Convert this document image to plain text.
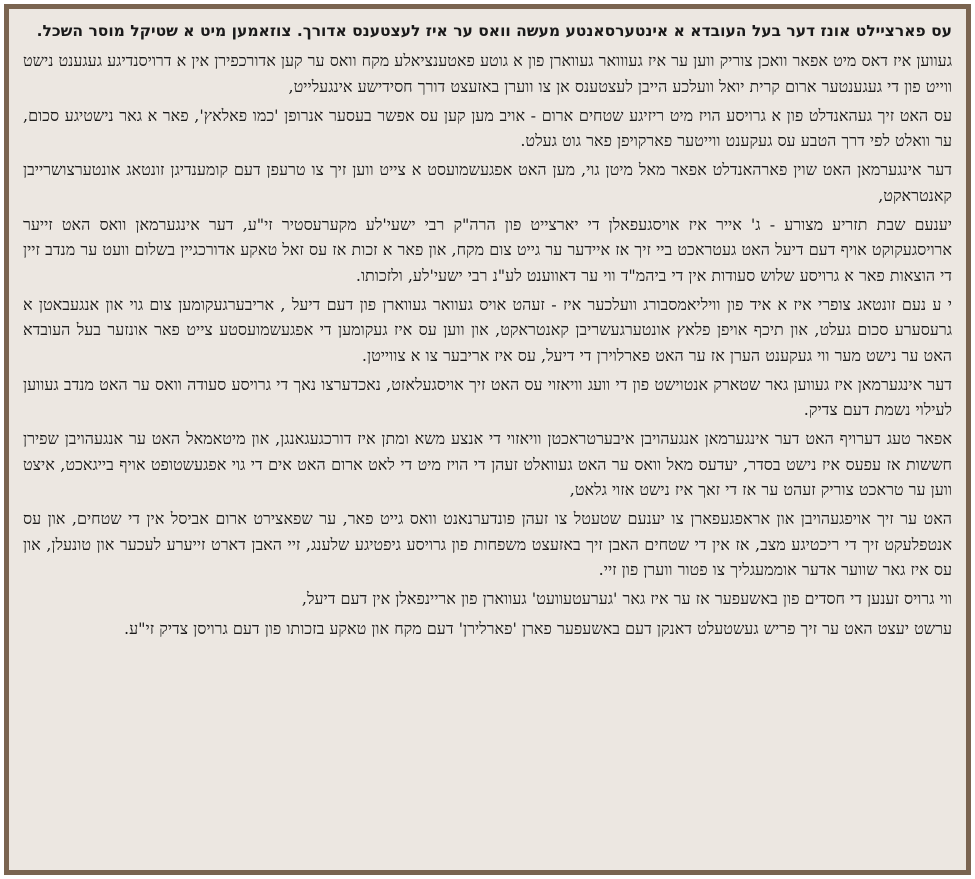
עס פארציילט אונז דער בעל העובדא א אינטערסאנטע מעשה וואס ער איז לעצטענס אדורך. צוזאמען מיט א שטיקל מוסר השכל.

געווען איז דאס מיט אפאר וואכן צוריק ווען ער איז געווואר געווארן פון א גוטע פאטענציאלע מקח וואס ער קען אדורכפירן אין א דרויסנדיגע געגענט נישט ווייט פון די געגענטער ארום קרית יואל וועלכע הייבן לעצטענס אן צו ווערן באזעצט דורך חסידישע אינגעלייט,

עס האט זיך געהאנדלט פון א גרויסע הויז מיט ריזיגע שטחים ארום - אויב מען קען עס אפשר בעסער אנרופן 'כמו פאלאץ', פאר א גאר נישטיגע סכום, ער וואלט לפי דרך הטבע עס געקענט ווייטער פארקויפן פאר גוט געלט.

דער אינגערמאן האט שוין פארהאנדלט אפאר מאל מיטן גוי, מען האט אפגעשמועסט א צייט ווען זיך צו טרעפן דעם קומענדיגן זונטאג אונטערצושרייבן קאנטראקט,

יענעם שבת תזריע מצורע - ג' אייר איז אויסגעפאלן די יארצייט פון הרה"ק רבי ישעי'לע מקערעסטיר זי"ע, דער אינגערמאן וואס האט זייער ארויסגעקוקט אויף דעם דיעל האט געטראכט ביי זיך אז איידער ער גייט צום מקח, און פאר א זכות אז עס זאל טאקע אדורכגיין בשלום וועט ער מנדב זיין די הוצאות פאר א גרויסע שלוש סעודות אין די ביהמ"ד ווי ער דאווענט לע"נ רבי ישעי'לע, ולזכותו.

י ע נעם זונטאג צופרי איז א איד פון וויליאמסבורג וועלכער איז - זעהט אויס געוואר געווארן פון דעם דיעל , אריבערגעקומען צום גוי און אנגעבאטן א גרעסערע סכום געלט, און תיכף אויפן פלאץ אונטערגעשריבן קאנטראקט, און ווען עס איז געקומען די אפגעשמועסטע צייט פאר אונזער בעל העובדא האט ער נישט מער ווי געקענט הערן אז ער האט פארלוירן די דיעל, עס איז אריבער צו א צווייטן.

דער אינגערמאן איז געווען גאר שטארק אנטוישט פון די וועג וויאזוי עס האט זיך אויסגעלאזט, נאכדערצו נאך די גרויסע סעודה וואס ער האט מנדב געווען לעילוי נשמת דעם צדיק.

אפאר טעג דערויף האט דער אינגערמאן אנגעהויבן איבערטראכטן וויאזוי די אנצע משא ומתן איז דורכגעגאנגן, און מיטאמאל האט ער אנגעהויבן שפירן חששות אז עפעס איז נישט בסדר, יעדעס מאל וואס ער האט געוואלט זעהן די הויז מיט די לאט ארום האט אים די גוי אפגעשטופט אויף בייגאכט, איצט ווען ער טראכט צוריק זעהט ער אז די זאך איז נישט אזוי גלאט,

האט ער זיך אויפגעהויבן און אראפגעפארן צו יענעם שטעטל צו זעהן פונדערנאנט וואס גייט פאר, ער שפאצירט ארום אביסל אין די שטחים, און עס אנטפלעקט זיך די ריכטיגע מצב, אז אין די שטחים האבן זיך באזעצט משפחות פון גרויסע גיפטיגע שלענג, זיי האבן דארט זייערע לעכער און טונעלן, און עס איז גאר שווער אדער אוממעגליך צו פטור ווערן פון זיי.

ווי גרויס זענען די חסדים פון באשעפער אז ער איז גאר 'גערעטעוועט' געווארן פון אריינפאלן אין דעם דיעל,

ערשט יעצט האט ער זיך פריש געשטעלט דאנקן דעם באשעפער פארן 'פארלירן' דעם מקח און טאקע בזכותו פון דעם גרויסן צדיק זי"ע.
